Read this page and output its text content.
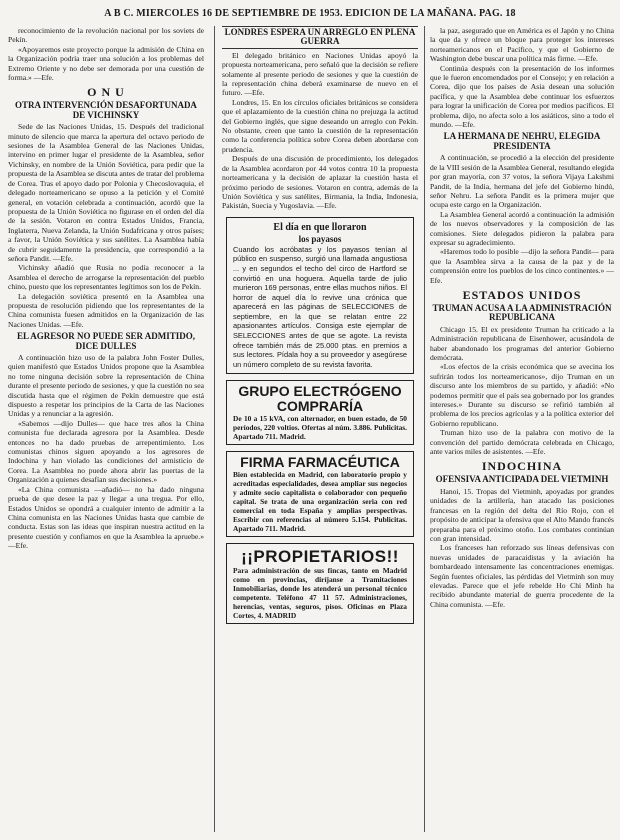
A B C. MIERCOLES 16 DE SEPTIEMBRE DE 1953. EDICION DE LA MAÑANA. PAG. 18

reconocimiento de la revolución nacional por los soviets de Pekín.

«Apoyaremos este proyecto porque la admisión de China en la Organización podría traer una solución a los problemas del Extremo Oriente y no debe ser demorada por una cuestión de forma.» —Efe.

O N U
OTRA INTERVENCIÓN DESAFORTUNADA DE VICHINSKY

Sede de las Naciones Unidas, 15. Después del tradicional minuto de silencio que marca la apertura del octavo periodo de sesiones de la Asamblea General de las Naciones Unidas, intervino en primer lugar el presidente de la Asamblea, señor Vichinsky, en nombre de la Unión Soviética, para pedir que la propuesta de la Asamblea se discuta antes de tratar del problema de Corea. Tras el apoyo dado por Polonia y Checoslovaquia, el delegado norteamericano se opuso a la petición y el Comité general, en votación celebrada a continuación, acordó que la propuesta de la Unión Soviética no figurase en el orden del día de la sesión. Votaron en contra Estados Unidos, Francia, Inglaterra, Nueva Zelanda, la Unión Sudafricana y otros países; a favor, la Unión Soviética y sus satélites. La Asamblea había de cubrir seguidamente la presidencia, que correspondió a la señora Pandit. —Efe.

Vichinsky añadió que Rusia no podía reconocer a la Asamblea el derecho de arrogarse la representación del pueblo chino, puesto que los representantes legítimos son los de Pekín.

La delegación soviética presentó en la Asamblea una propuesta de resolución pidiendo que los representantes de la China comunista fuesen admitidos en la Organización de las Naciones Unidas. —Efe.

EL AGRESOR NO PUEDE SER ADMITIDO, DICE DULLES

A continuación hizo uso de la palabra John Foster Dulles, quien manifestó que Estados Unidos propone que la Asamblea no tome ninguna decisión sobre la representación de China durante el presente periodo de sesiones, y que la cuestión no sea discutida hasta que el régimen de Pekín demuestre que está dispuesto a respetar los principios de la Carta de las Naciones Unidas y a renunciar a la agresión.

«Sabemos —dijo Dulles— que hace tres años la China comunista fue declarada agresora por la Asamblea. Desde entonces no ha dado pruebas de arrepentimiento. Los comunistas chinos siguen apoyando a los agresores de Indochina y han violado las condiciones del armisticio de Corea. La Asamblea no puede ahora abrir las puertas de la Organización a quienes desafían sus decisiones.»

«La China comunista —añadió— no ha dado ninguna prueba de que desee la paz y llegar a una tregua. Por ello, Estados Unidos se opondrá a cualquier intento de admitir a la China comunista en las Naciones Unidas hasta que cambie de conducta. Estas son las ideas que inspiran nuestra actitud en la presente cuestión y confiamos en que la Asamblea la apruebe.» —Efe.

LONDRES ESPERA UN ARREGLO EN PLENA GUERRA

El delegado británico en Naciones Unidas apoyó la propuesta norteamericana, pero señaló que la decisión se refiere solamente al presente periodo de sesiones y que la cuestión de la representación china deberá examinarse de nuevo en el futuro. —Efe.

Londres, 15. En los círculos oficiales británicos se considera que el aplazamiento de la cuestión china no prejuzga la actitud del Gobierno inglés, que sigue deseando un arreglo con Pekín. No obstante, creen que tanto la cuestión de la representación como la conferencia política sobre Corea deben abordarse con prudencia.

Después de una discusión de procedimiento, los delegados de la Asamblea acordaron por 44 votos contra 10 la propuesta norteamericana y la decisión de aplazar la cuestión hasta el próximo periodo de sesiones. Votaron en contra, además de la Unión Soviética y sus satélites, Birmania, la India, Indonesia, Pakistán, Suecia y Yugoslavia. —Efe.

El día en que lloraron
los payasos
Cuando los acróbatas y los payasos tenían al público en suspenso, surgió una llamada angustiosa ... y en segundos el techo del circo de Hartford se convirtió en una hoguera. Aquella tarde de julio murieron 169 personas, entre ellas muchos niños. El horror de aquel día lo revive una crónica que aparecerá en las páginas de SELECCIONES de septiembre, en la que se relatan entre 22 apasionantes artículos. Consiga este ejemplar de SELECCIONES antes de que se agote. La revista ofrece también más de 25.000 ptas. en premios a sus lectores. Pídala hoy a su proveedor y asegúrese un número completo de su revista favorita.
GRUPO ELECTRÓGENO
COMPRARÍA
De 10 a 15 kVA, con alternador, en buen estado, de 50 períodos, 220 voltios. Ofertas al núm. 3.886. Publicitas. Apartado 711. Madrid.
FIRMA FARMACÉUTICA
Bien establecida en Madrid, con laboratorio propio y acreditadas especialidades, desea ampliar sus negocios y admite socio capitalista o colaborador con pequeño capital. Se trata de una organización seria con red comercial en toda España y amplias perspectivas. Escribir con referencias al número 5.154. Publicitas. Apartado 711. Madrid.
¡¡PROPIETARIOS!!
Para administración de sus fincas, tanto en Madrid como en provincias, diríjanse a Tramitaciones Inmobiliarias, donde les atenderá un personal técnico competente. Teléfono 47 11 57. Administraciones, herencias, ventas, seguros, pisos. Oficinas en Plaza Cortes, 4. MADRID

la paz, asegurado que en América es el Japón y no China la que da y ofrece un bloque para proteger los intereses norteamericanos en el Pacífico, y que el Gobierno de Washington debe buscar una política más firme. —Efe.

Continúa después con la presentación de los informes que le fueron encomendados por el Consejo; y en relación a Corea, dijo que los países de Asia desean una solución pacífica, y que la Asamblea debe continuar los esfuerzos para lograr la unificación de Corea por medios pacíficos. El problema, dijo, no afecta solo a los asiáticos, sino a todo el mundo. —Efe.

LA HERMANA DE NEHRU, ELEGIDA PRESIDENTA

A continuación, se procedió a la elección del presidente de la VIII sesión de la Asamblea General, resultando elegida por gran mayoría, con 37 votos, la señora Vijaya Lakshmi Pandit, de la India, hermana del jefe del Gobierno hindú, señor Nehru. La señora Pandit es la primera mujer que ocupa este cargo en la Organización.

La Asamblea General acordó a continuación la admisión de los nuevos observadores y la composición de las comisiones. Siete delegados pidieron la palabra para expresar su agradecimiento.

«Haremos todo lo posible —dijo la señora Pandit— para que la Asamblea sirva a la causa de la paz y de la comprensión entre los pueblos de los cinco continentes.» —Efe.

ESTADOS UNIDOS
TRUMAN ACUSA A LA ADMINISTRACIÓN REPUBLICANA

Chicago 15. El ex presidente Truman ha criticado a la Administración republicana de Eisenhower, acusándola de haber abandonado los programas del anterior Gobierno demócrata.

«Los efectos de la crisis económica que se avecina los sufrirán todos los norteamericanos», dijo Truman en un discurso ante los miembros de su partido, y añadió: «No podemos permitir que el país sea gobernado por los grandes intereses.» Durante su discurso se refirió también al problema de los precios agrícolas y a la política exterior del Gobierno republicano.

Truman hizo uso de la palabra con motivo de la convención del partido demócrata celebrada en Chicago, ante varios miles de asistentes. —Efe.

INDOCHINA
OFENSIVA ANTICIPADA DEL VIETMINH

Hanoi, 15. Tropas del Vietminh, apoyadas por grandes unidades de la artillería, han atacado las posiciones francesas en la región del delta del Río Rojo, con el propósito de anticipar la ofensiva que el Alto Mando francés preparaba para el próximo otoño. Los combates continúan con gran intensidad.

Los franceses han reforzado sus líneas defensivas con nuevas unidades de paracaidistas y la aviación ha bombardeado intensamente las concentraciones enemigas. Según fuentes oficiales, las pérdidas del Vietminh son muy elevadas. Parece que el jefe rebelde Ho Chi Minh ha recibido abundante material de guerra procedente de la China comunista. —Efe.
